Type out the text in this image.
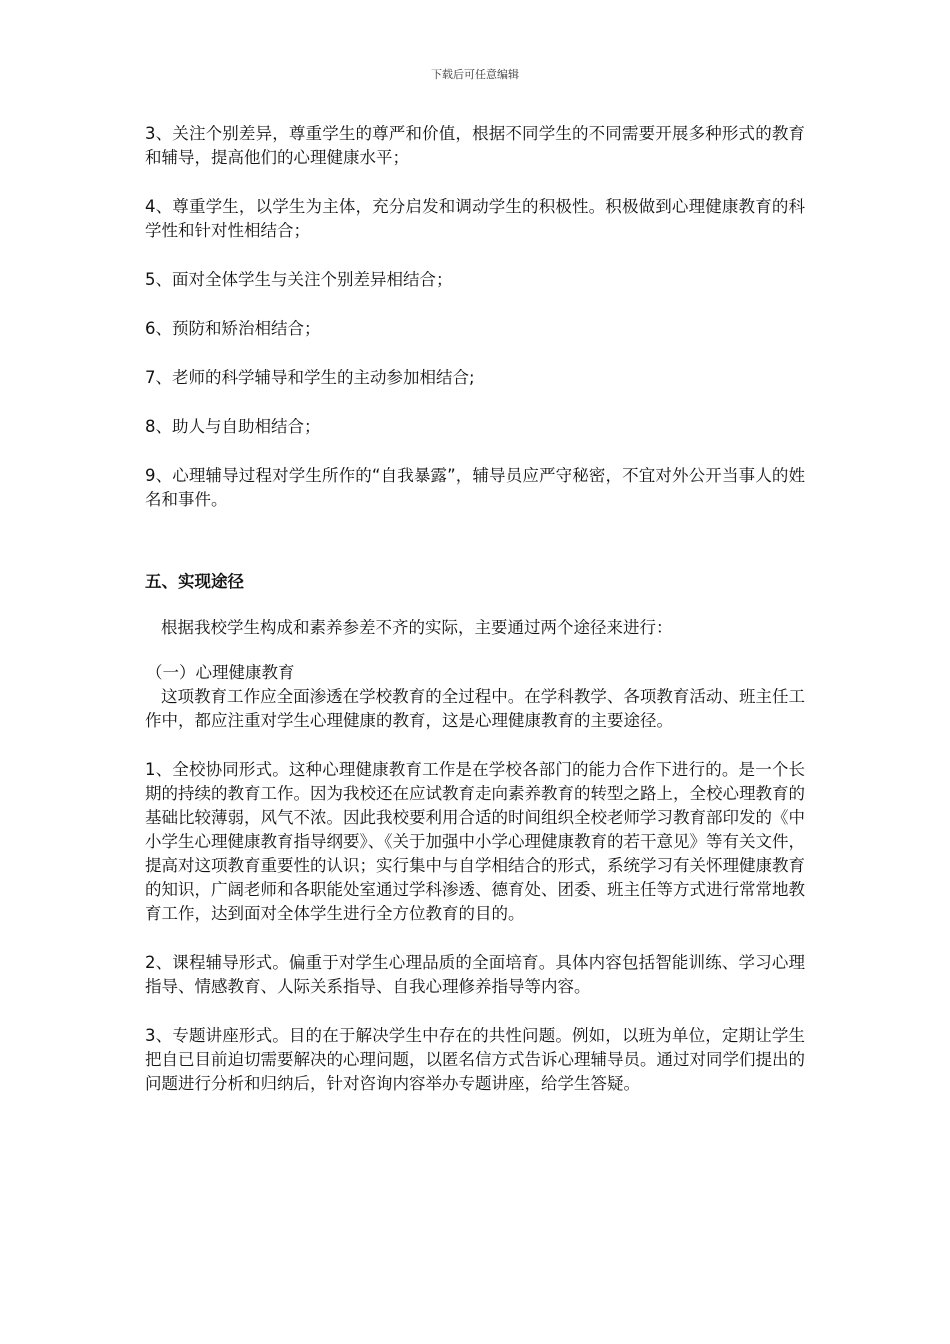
下载后可任意编辑

3、关注个别差异，尊重学生的尊严和价值，根据不同学生的不同需要开展多种形式的教育和辅导，提高他们的心理健康水平；

4、尊重学生，以学生为主体，充分启发和调动学生的积极性。积极做到心理健康教育的科学性和针对性相结合；

5、面对全体学生与关注个别差异相结合；

6、预防和矫治相结合；

7、老师的科学辅导和学生的主动参加相结合;

8、助人与自助相结合；

9、心理辅导过程对学生所作的“自我暴露”，辅导员应严守秘密，不宜对外公开当事人的姓名和事件。

五、实现途径

根据我校学生构成和素养参差不齐的实际，主要通过两个途径来进行：

（一）心理健康教育

这项教育工作应全面渗透在学校教育的全过程中。在学科教学、各项教育活动、班主任工作中，都应注重对学生心理健康的教育，这是心理健康教育的主要途径。

1、全校协同形式。这种心理健康教育工作是在学校各部门的能力合作下进行的。是一个长期的持续的教育工作。因为我校还在应试教育走向素养教育的转型之路上，全校心理教育的基础比较薄弱，风气不浓。因此我校要利用合适的时间组织全校老师学习教育部印发的《中小学生心理健康教育指导纲要》、《关于加强中小学心理健康教育的若干意见》等有关文件，提高对这项教育重要性的认识；实行集中与自学相结合的形式，系统学习有关怀理健康教育的知识，广阔老师和各职能处室通过学科渗透、德育处、团委、班主任等方式进行常常地教育工作，达到面对全体学生进行全方位教育的目的。

2、课程辅导形式。偏重于对学生心理品质的全面培育。具体内容包括智能训练、学习心理指导、情感教育、人际关系指导、自我心理修养指导等内容。

3、专题讲座形式。目的在于解决学生中存在的共性问题。例如，以班为单位，定期让学生把自已目前迫切需要解决的心理问题，以匿名信方式告诉心理辅导员。通过对同学们提出的问题进行分析和归纳后，针对咨询内容举办专题讲座，给学生答疑。
